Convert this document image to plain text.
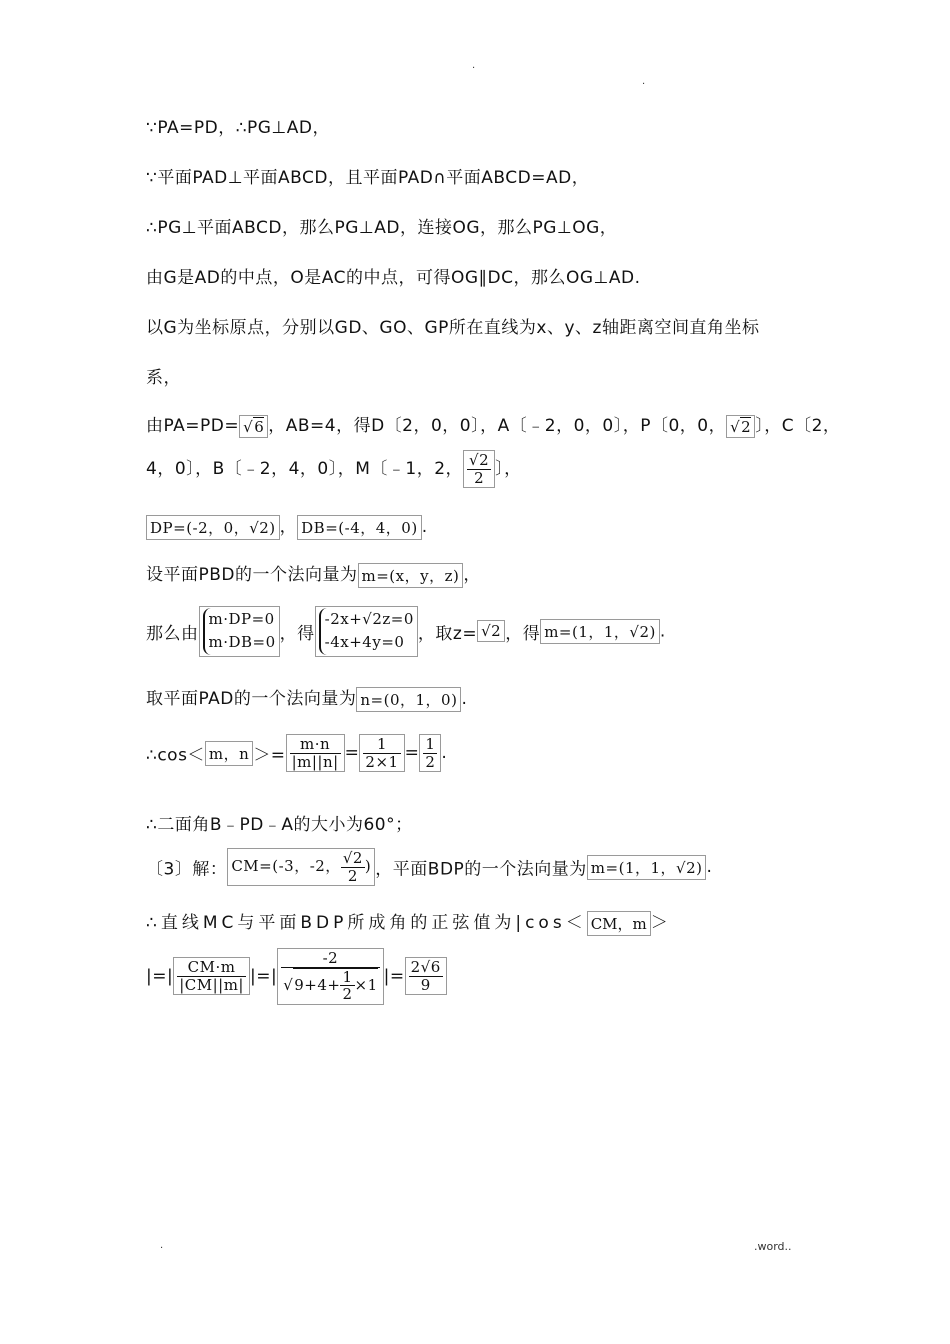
.
.
∵PA=PD，∴PG⊥AD，
∵平面PAD⊥平面ABCD，且平面PAD∩平面ABCD=AD，
∴PG⊥平面ABCD，那么PG⊥AD，连接OG，那么PG⊥OG，
由G是AD的中点，O是AC的中点，可得OG∥DC，那么OG⊥AD.
以G为坐标原点，分别以GD、GO、GP所在直线为x、y、z轴距离空间直角坐标
系，
由PA=PD= √6 ，AB=4，得D〔2，0，0〕，A〔﹣2，0，0〕，P〔0，0， √2 〕，C〔2，
4，0〕，B〔﹣2，4，0〕，M〔﹣1，2， $\frac{√2}{2}$ 〕，
DP=(-2，0，√2) ， DB=(-4，4，0) .
设平面PBD的一个法向量为 m=(x，y，z) ，
那么由
m·DP=0
m·DB=0 ，得
-2x+√2z=0
-4x+4y=0 ，取z= √2 ，得 m=(1，1，√2) .
取平面PAD的一个法向量为 n=(0，1，0) .
∴cos＜ m，$n >= \frac{m\cdot n}{|m||n|} = \frac{1}{2\times 1} = \frac{1}{2}$ .
∴二面角B﹣PD﹣A的大小为60°；
〔3〕解： CM=(-3，-2， $\frac{√2}{2}$ ) ，平面BDP的一个法向量为 m=(1，1，√2) .
∴直线MC与平面BDP所成角的正弦值为|cos＜ CM，m ＞
|=| $\frac{CM\cdot m}{|CM||m|}$ |=| $\frac{-2}{√9+4+ \frac{1}{2} \times 1}$ |= $\frac{2√6}{9}$
.	.word..
